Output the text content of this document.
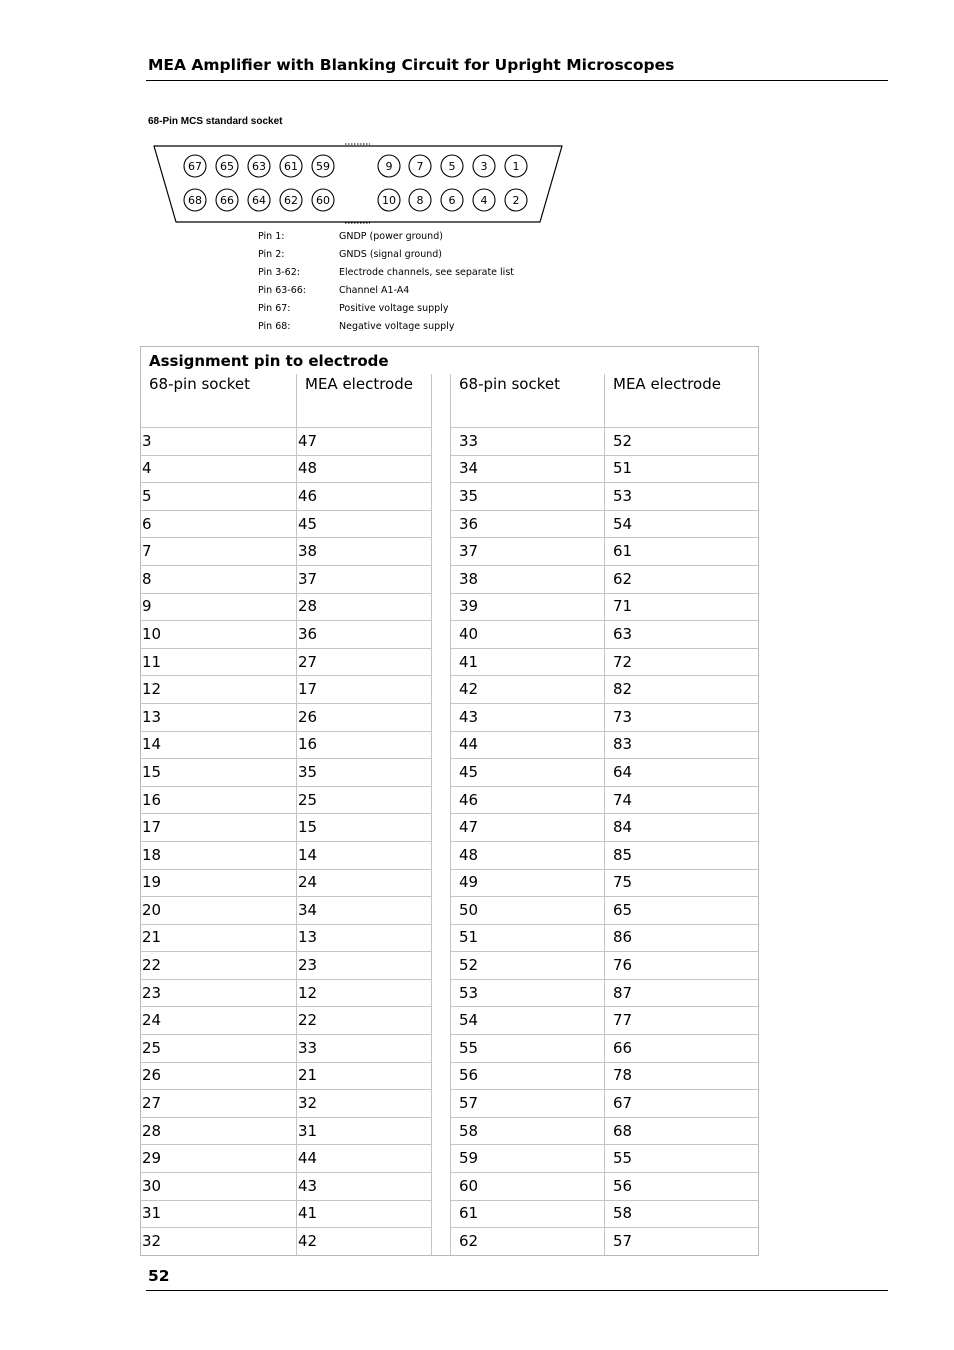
MEA Amplifier with Blanking Circuit for Upright Microscopes
68-Pin MCS standard socket
67 65 63 61 59
68 66 64 62 60
9 7 5 3 1
10 8 6 4 2
Pin 1:	GNDP (power ground)
Pin 2:	GNDS (signal ground)
Pin 3-62:	Electrode channels, see separate list
Pin 63-66:	Channel A1-A4
Pin 67:	Positive voltage supply
Pin 68:	Negative voltage supply
Assignment pin to electrode				
68-pin socket	MEA electrode		68-pin socket	MEA electrode
3	47		33	52
4	48		34	51
5	46		35	53
6	45		36	54
7	38		37	61
8	37		38	62
9	28		39	71
10	36		40	63
11	27		41	72
12	17		42	82
13	26		43	73
14	16		44	83
15	35		45	64
16	25		46	74
17	15		47	84
18	14		48	85
19	24		49	75
20	34		50	65
21	13		51	86
22	23		52	76
23	12		53	87
24	22		54	77
25	33		55	66
26	21		56	78
27	32		57	67
28	31		58	68
29	44		59	55
30	43		60	56
31	41		61	58
32	42		62	57
52
